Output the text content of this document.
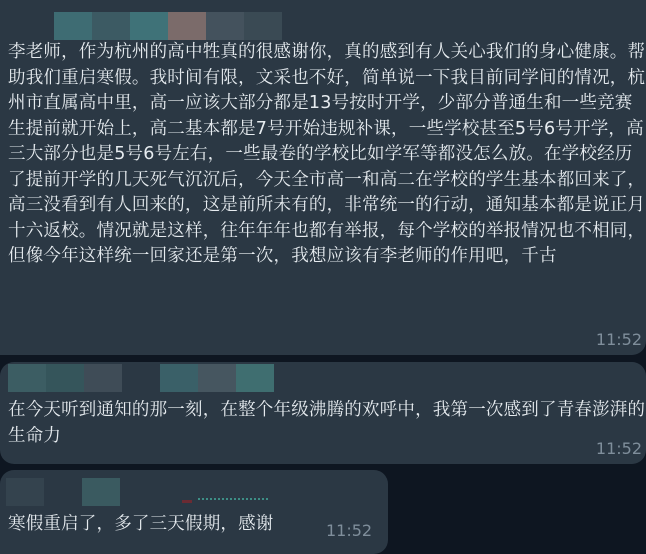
李老师，作为杭州的高中牲真的很感谢你，真的感到有人关心我们的身心健康。帮助我们重启寒假。我时间有限，文采也不好，简单说一下我目前同学间的情况，杭州市直属高中里，高一应该大部分都是13号按时开学，少部分普通生和一些竞赛生提前就开始上，高二基本都是7号开始违规补课，一些学校甚至5号6号开学，高三大部分也是5号6号左右，一些最卷的学校比如学军等都没怎么放。在学校经历了提前开学的几天死气沉沉后，今天全市高一和高二在学校的学生基本都回来了，高三没看到有人回来的，这是前所未有的，非常统一的行动，通知基本都是说正月十六返校。情况就是这样，往年年年也都有举报，每个学校的举报情况也不相同，但像今年这样统一回家还是第一次，我想应该有李老师的作用吧，千古
11:52
在今天听到通知的那一刻，在整个年级沸腾的欢呼中，我第一次感到了青春澎湃的生命力
11:52
寒假重启了，多了三天假期，感谢	11:52
